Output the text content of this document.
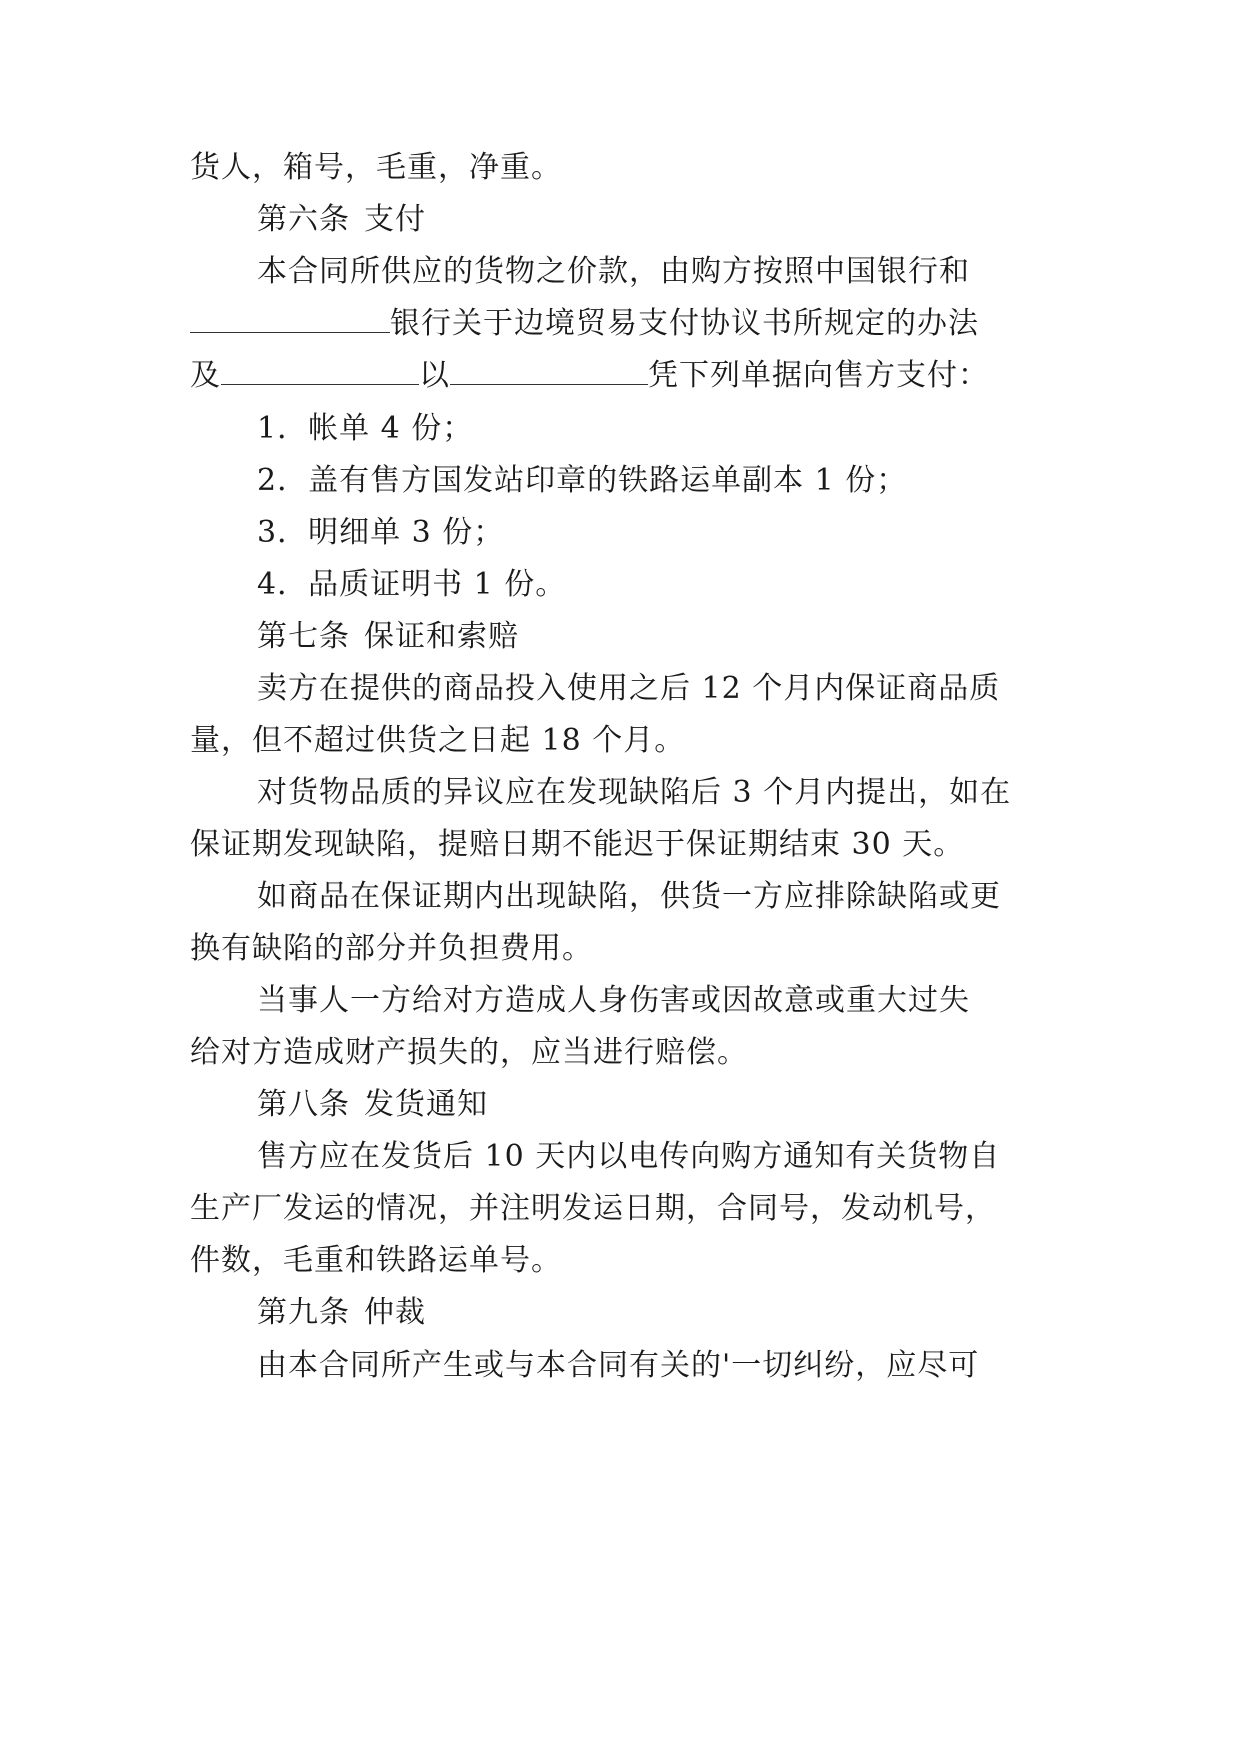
货人，箱号，毛重，净重。
第六条 支付
本合同所供应的货物之价款，由购方按照中国银行和
银行关于边境贸易支付协议书所规定的办法
及	以	凭下列单据向售方支付：
1．帐单 4 份；
2．盖有售方国发站印章的铁路运单副本 1 份；
3．明细单 3 份；
4．品质证明书 1 份。
第七条 保证和索赔
卖方在提供的商品投入使用之后 12 个月内保证商品质
量，但不超过供货之日起 18 个月。
对货物品质的异议应在发现缺陷后 3 个月内提出，如在
保证期发现缺陷，提赔日期不能迟于保证期结束 30 天。
如商品在保证期内出现缺陷，供货一方应排除缺陷或更
换有缺陷的部分并负担费用。
当事人一方给对方造成人身伤害或因故意或重大过失
给对方造成财产损失的，应当进行赔偿。
第八条 发货通知
售方应在发货后 10 天内以电传向购方通知有关货物自
生产厂发运的情况，并注明发运日期，合同号，发动机号，
件数，毛重和铁路运单号。
第九条 仲裁
由本合同所产生或与本合同有关的'一切纠纷，应尽可
